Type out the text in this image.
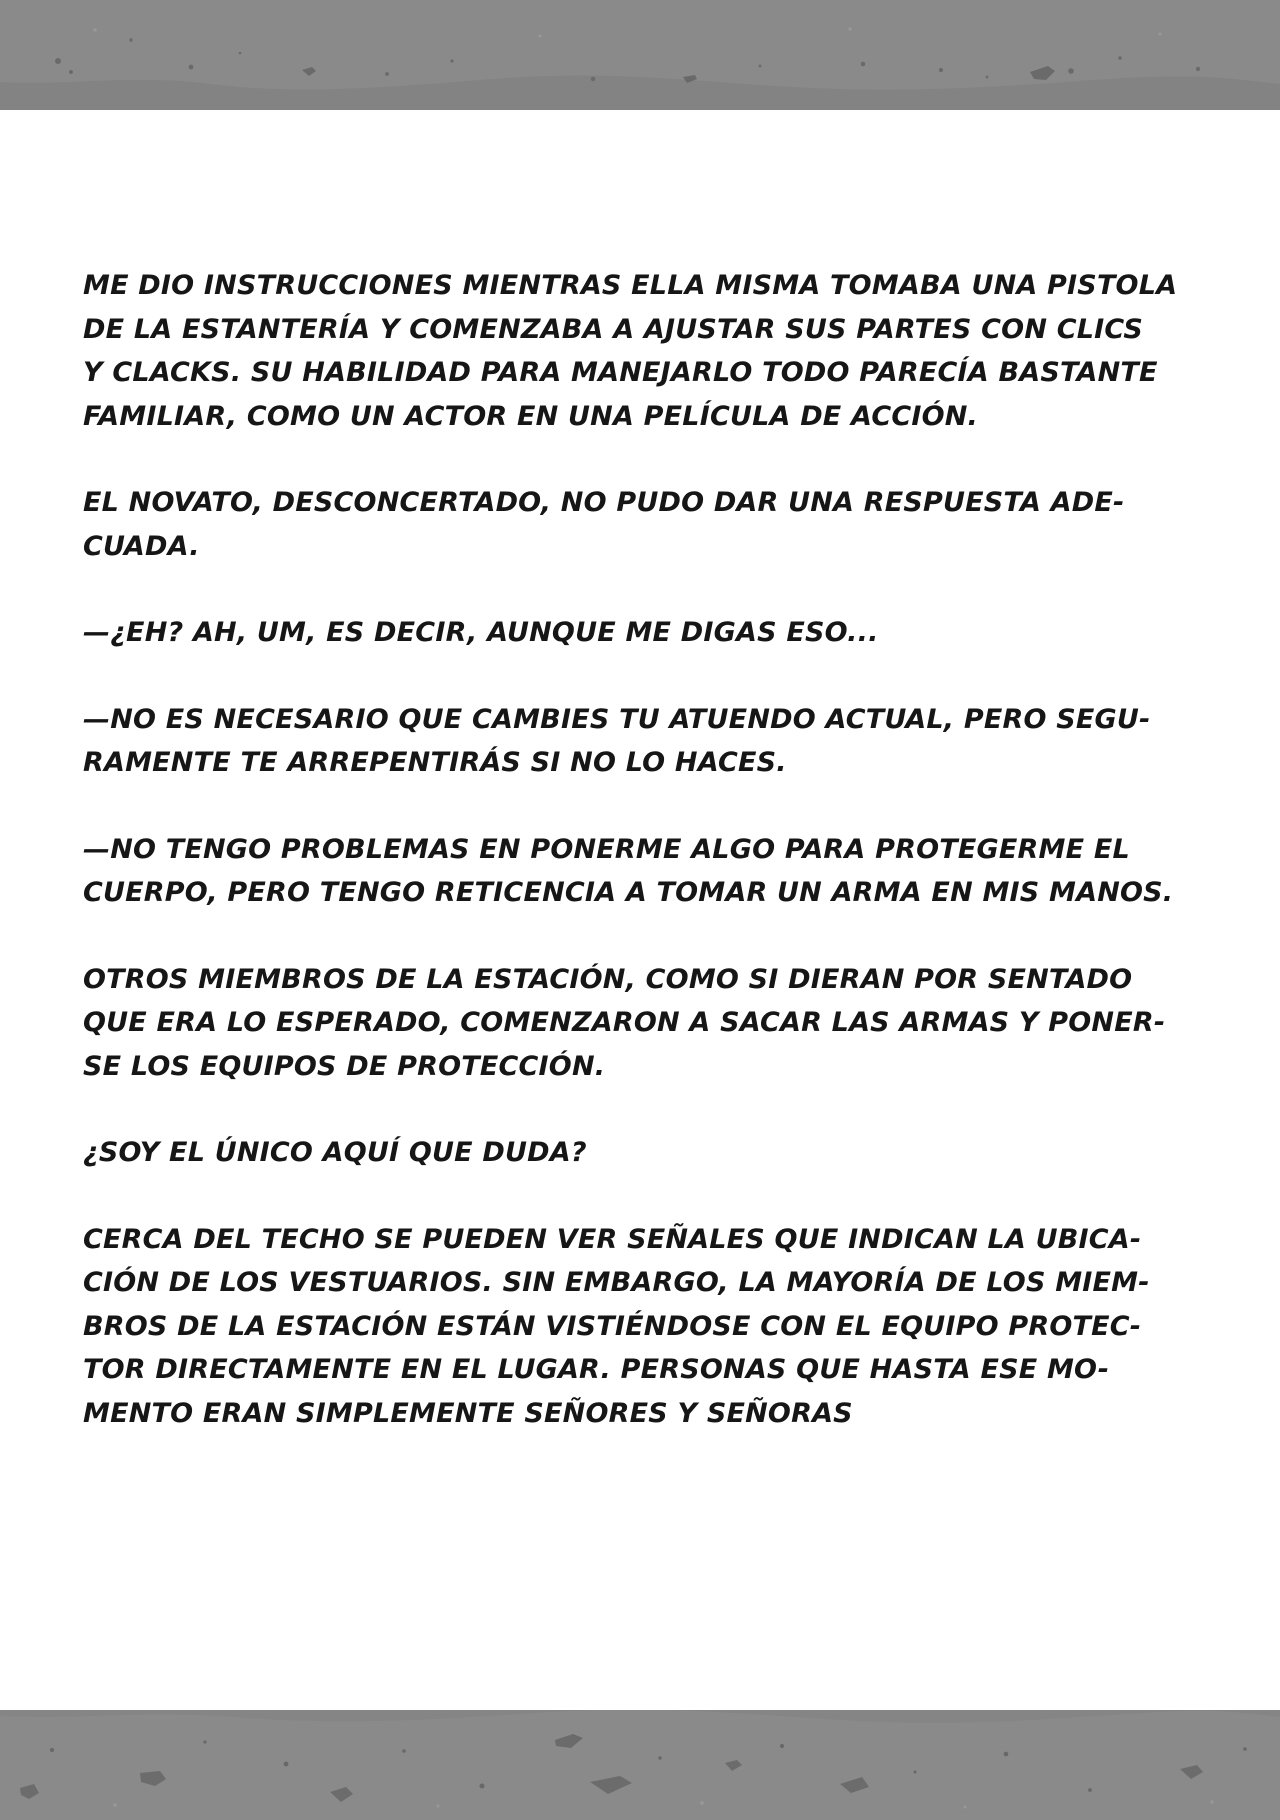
ME DIO INSTRUCCIONES MIENTRAS ELLA MISMA TOMABA UNA PISTOLA
DE LA ESTANTERÍA Y COMENZABA A AJUSTAR SUS PARTES CON CLICS
Y CLACKS. SU HABILIDAD PARA MANEJARLO TODO PARECÍA BASTANTE
FAMILIAR, COMO UN ACTOR EN UNA PELÍCULA DE ACCIÓN.

EL NOVATO, DESCONCERTADO, NO PUDO DAR UNA RESPUESTA ADE-
CUADA.

—¿EH? AH, UM, ES DECIR, AUNQUE ME DIGAS ESO...

—NO ES NECESARIO QUE CAMBIES TU ATUENDO ACTUAL, PERO SEGU-
RAMENTE TE ARREPENTIRÁS SI NO LO HACES.

—NO TENGO PROBLEMAS EN PONERME ALGO PARA PROTEGERME EL
CUERPO, PERO TENGO RETICENCIA A TOMAR UN ARMA EN MIS MANOS.

OTROS MIEMBROS DE LA ESTACIÓN, COMO SI DIERAN POR SENTADO
QUE ERA LO ESPERADO, COMENZARON A SACAR LAS ARMAS Y PONER-
SE LOS EQUIPOS DE PROTECCIÓN.

¿SOY EL ÚNICO AQUÍ QUE DUDA?

CERCA DEL TECHO SE PUEDEN VER SEÑALES QUE INDICAN LA UBICA-
CIÓN DE LOS VESTUARIOS. SIN EMBARGO, LA MAYORÍA DE LOS MIEM-
BROS DE LA ESTACIÓN ESTÁN VISTIÉNDOSE CON EL EQUIPO PROTEC-
TOR DIRECTAMENTE EN EL LUGAR. PERSONAS QUE HASTA ESE MO-
MENTO ERAN SIMPLEMENTE SEÑORES Y SEÑORAS
